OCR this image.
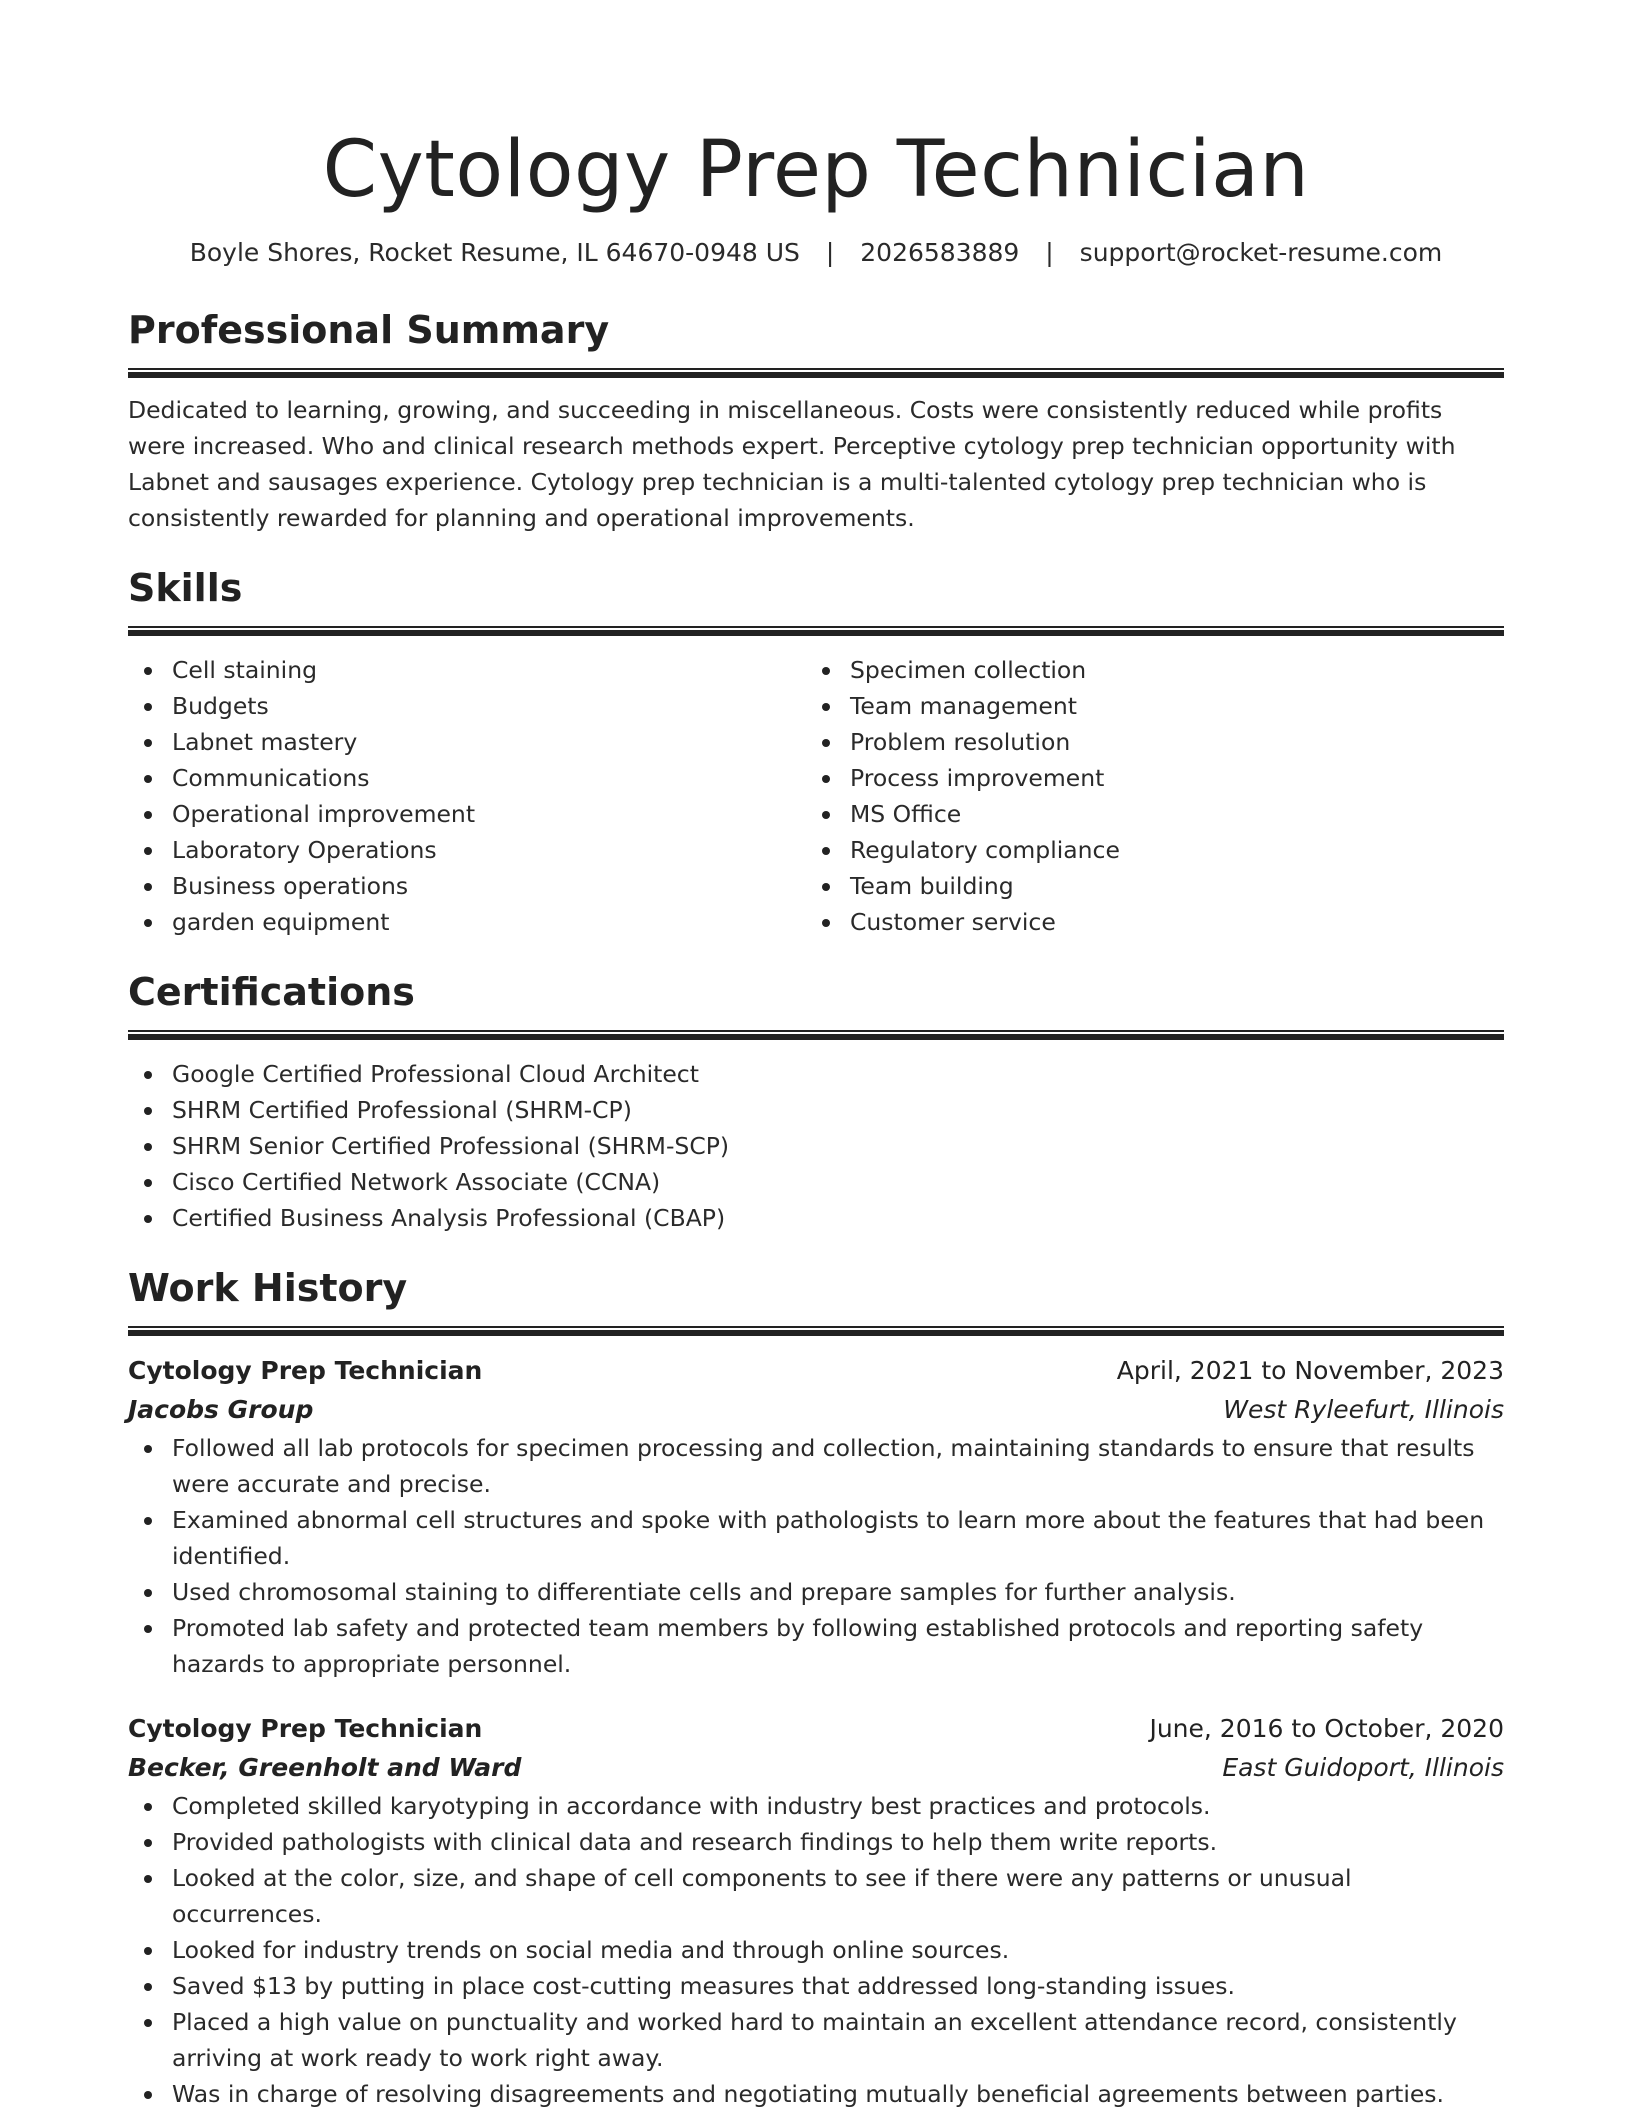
Cytology Prep Technician
Boyle Shores, Rocket Resume, IL 64670-0948 US | 2026583889 | support@rocket-resume.com
Professional Summary
Dedicated to learning, growing, and succeeding in miscellaneous. Costs were consistently reduced while profits were increased. Who and clinical research methods expert. Perceptive cytology prep technician opportunity with Labnet and sausages experience. Cytology prep technician is a multi-talented cytology prep technician who is consistently rewarded for planning and operational improvements.
Skills
Cell staining
Budgets
Labnet mastery
Communications
Operational improvement
Laboratory Operations
Business operations
garden equipment
Specimen collection
Team management
Problem resolution
Process improvement
MS Office
Regulatory compliance
Team building
Customer service
Certifications
Google Certified Professional Cloud Architect
SHRM Certified Professional (SHRM-CP)
SHRM Senior Certified Professional (SHRM-SCP)
Cisco Certified Network Associate (CCNA)
Certified Business Analysis Professional (CBAP)
Work History
Cytology Prep Technician	April, 2021 to November, 2023
Jacobs Group	West Ryleefurt, Illinois
Followed all lab protocols for specimen processing and collection, maintaining standards to ensure that results were accurate and precise.
Examined abnormal cell structures and spoke with pathologists to learn more about the features that had been identified.
Used chromosomal staining to differentiate cells and prepare samples for further analysis.
Promoted lab safety and protected team members by following established protocols and reporting safety hazards to appropriate personnel.
Cytology Prep Technician	June, 2016 to October, 2020
Becker, Greenholt and Ward	East Guidoport, Illinois
Completed skilled karyotyping in accordance with industry best practices and protocols.
Provided pathologists with clinical data and research findings to help them write reports.
Looked at the color, size, and shape of cell components to see if there were any patterns or unusual occurrences.
Looked for industry trends on social media and through online sources.
Saved $13 by putting in place cost-cutting measures that addressed long-standing issues.
Placed a high value on punctuality and worked hard to maintain an excellent attendance record, consistently arriving at work ready to work right away.
Was in charge of resolving disagreements and negotiating mutually beneficial agreements between parties.
